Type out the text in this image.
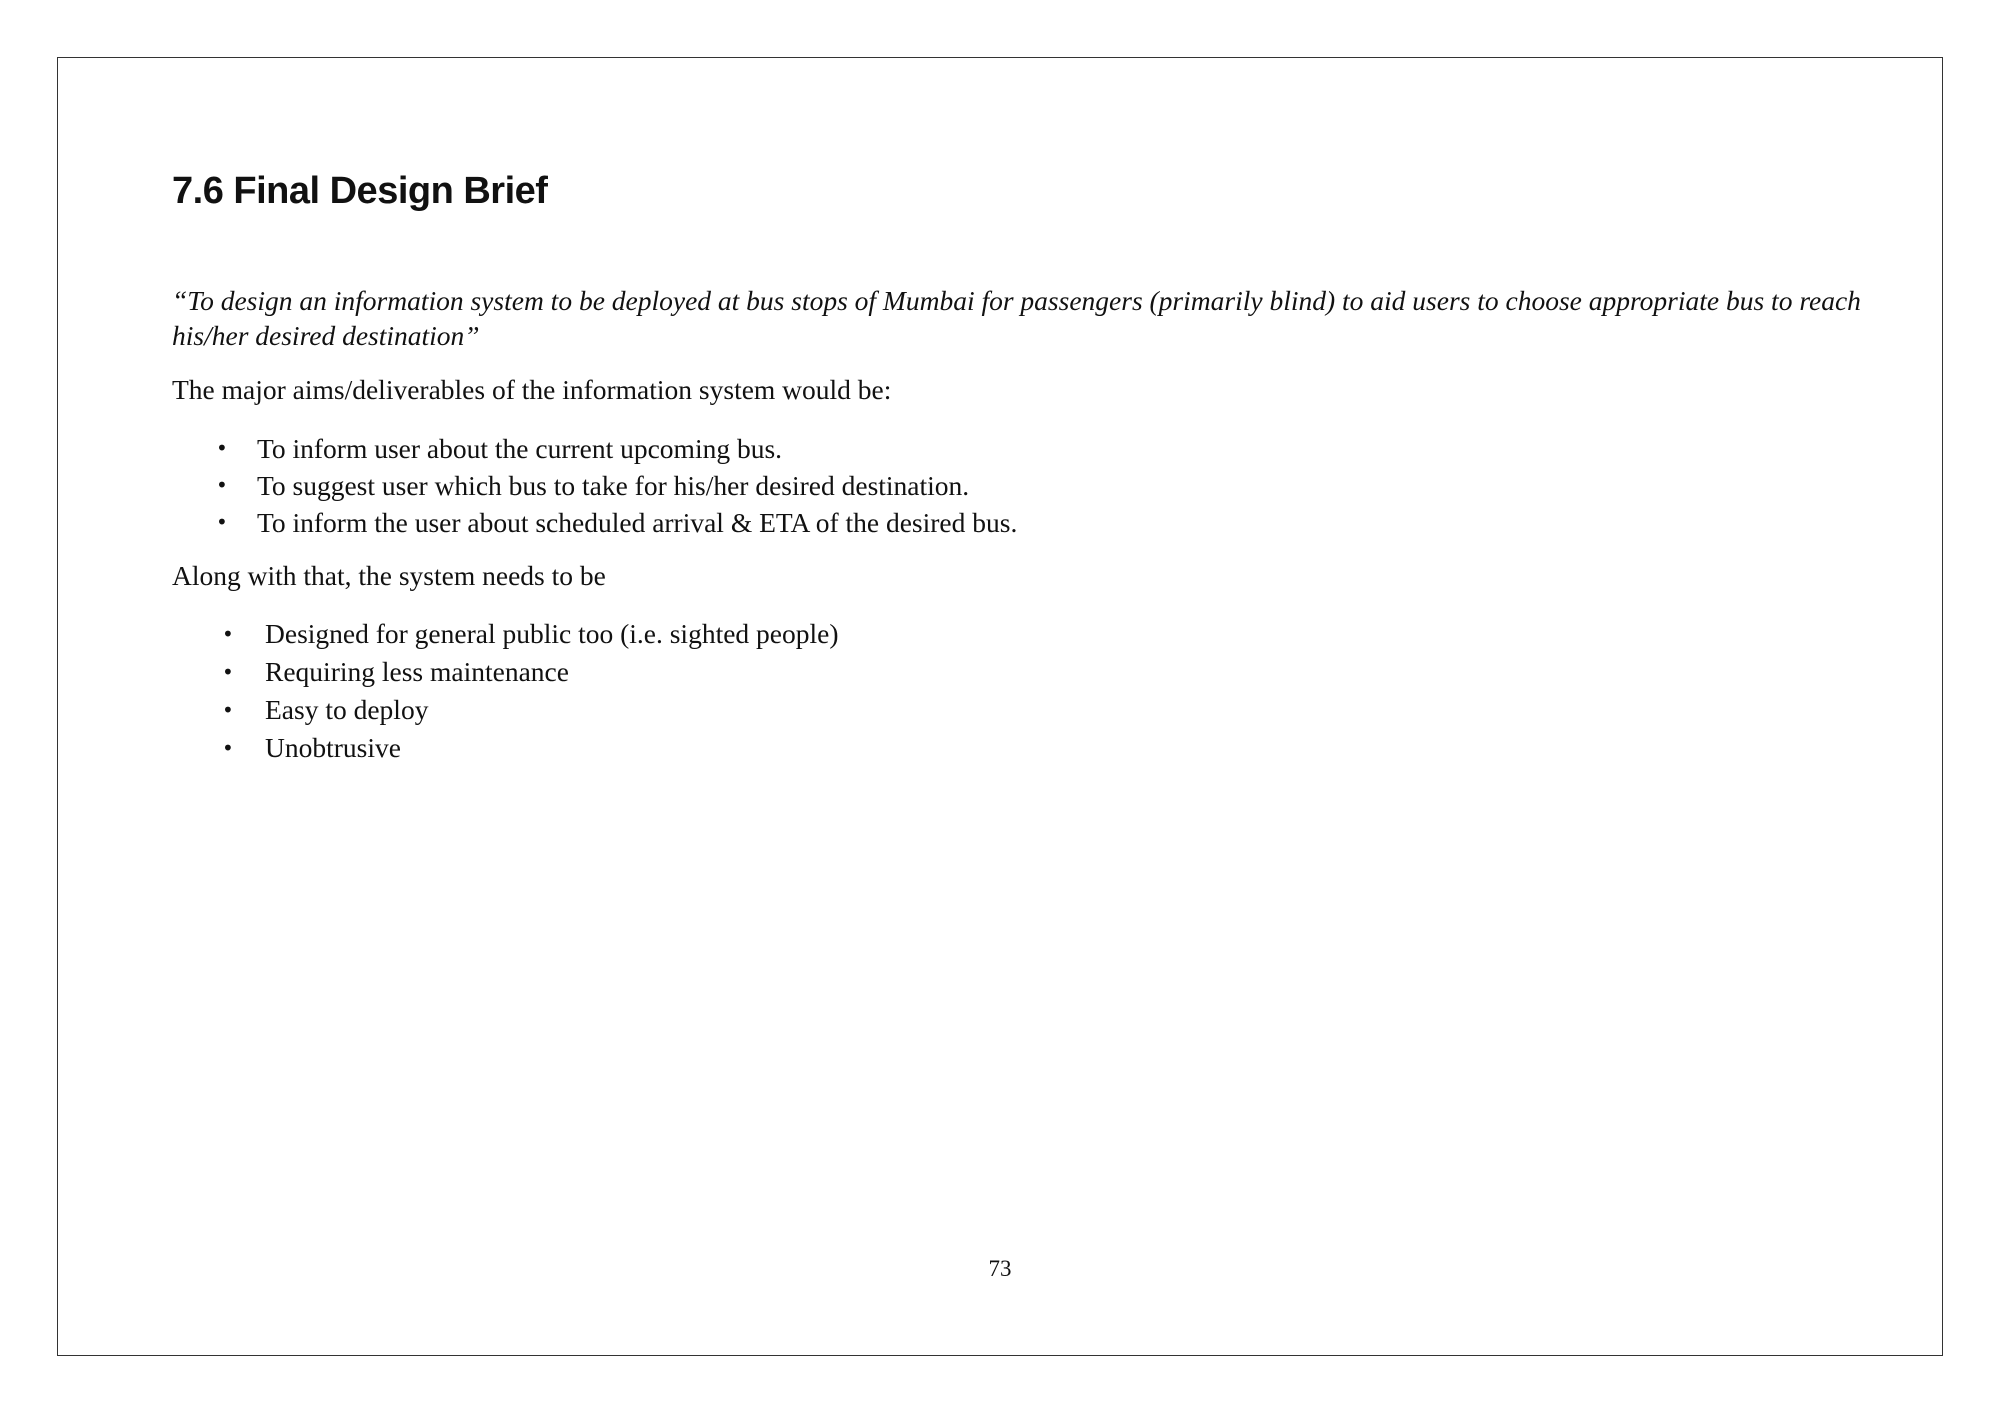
7.6 Final Design Brief

“To design an information system to be deployed at bus stops of Mumbai for passengers (primarily blind) to aid users to choose appropriate bus to reach his/her desired destination”

The major aims/deliverables of the information system would be:

• To inform user about the current upcoming bus.
• To suggest user which bus to take for his/her desired destination.
• To inform the user about scheduled arrival & ETA of the desired bus.

Along with that, the system needs to be

• Designed for general public too (i.e. sighted people)
• Requiring less maintenance
• Easy to deploy
• Unobtrusive

73
